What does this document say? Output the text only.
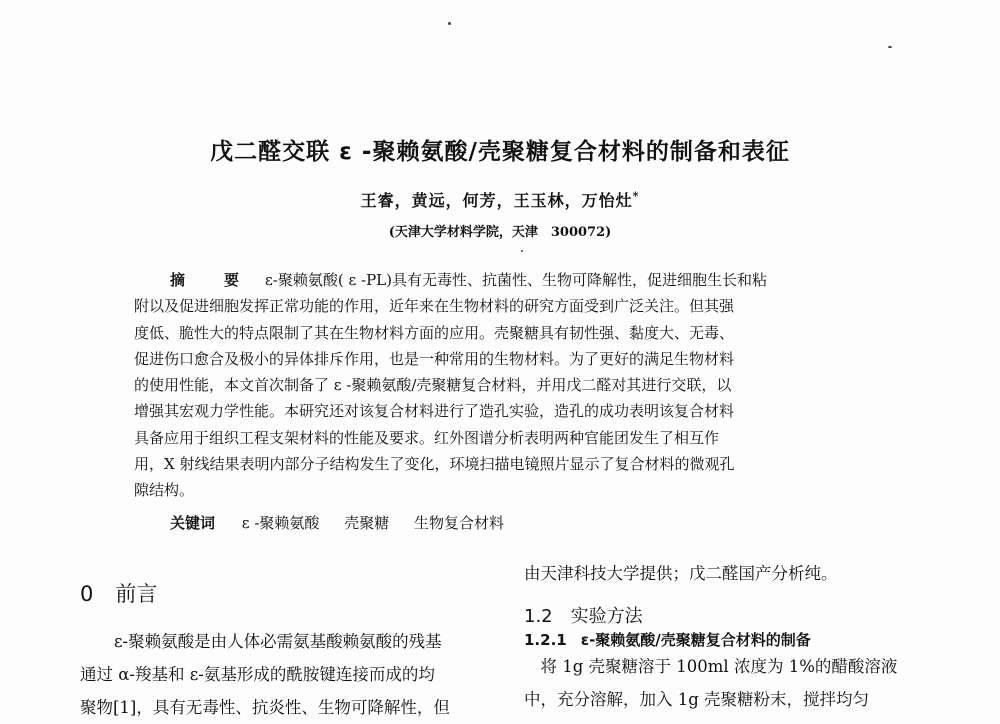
戊二醛交联 ε -聚赖氨酸/壳聚糖复合材料的制备和表征
王睿，黄远，何芳，王玉林，万怡灶*
(天津大学材料学院，天津　300072)
摘　要 ε-聚赖氨酸( ε -PL)具有无毒性、抗菌性、生物可降解性，促进细胞生长和粘
附以及促进细胞发挥正常功能的作用，近年来在生物材料的研究方面受到广泛关注。但其强
度低、脆性大的特点限制了其在生物材料方面的应用。壳聚糖具有韧性强、黏度大、无毒、
促进伤口愈合及极小的异体排斥作用，也是一种常用的生物材料。为了更好的满足生物材料
的使用性能，本文首次制备了 ε -聚赖氨酸/壳聚糖复合材料，并用戊二醛对其进行交联，以
增强其宏观力学性能。本研究还对该复合材料进行了造孔实验，造孔的成功表明该复合材料
具备应用于组织工程支架材料的性能及要求。红外图谱分析表明两种官能团发生了相互作
用，X 射线结果表明内部分子结构发生了变化，环境扫描电镜照片显示了复合材料的微观孔
隙结构。
关键词 ε -聚赖氨酸 壳聚糖 生物复合材料
0 前言
ε-聚赖氨酸是由人体必需氨基酸赖氨酸的残基
通过 α-羧基和 ε-氨基形成的酰胺键连接而成的均
聚物[1]，具有无毒性、抗炎性、生物可降解性，但
由天津科技大学提供；戊二醛国产分析纯。
1.2 实验方法
1.2.1 ε-聚赖氨酸/壳聚糖复合材料的制备
　将 1g 壳聚糖溶于 100ml 浓度为 1%的醋酸溶液
中，充分溶解，加入 1g 壳聚糖粉末，搅拌均匀
